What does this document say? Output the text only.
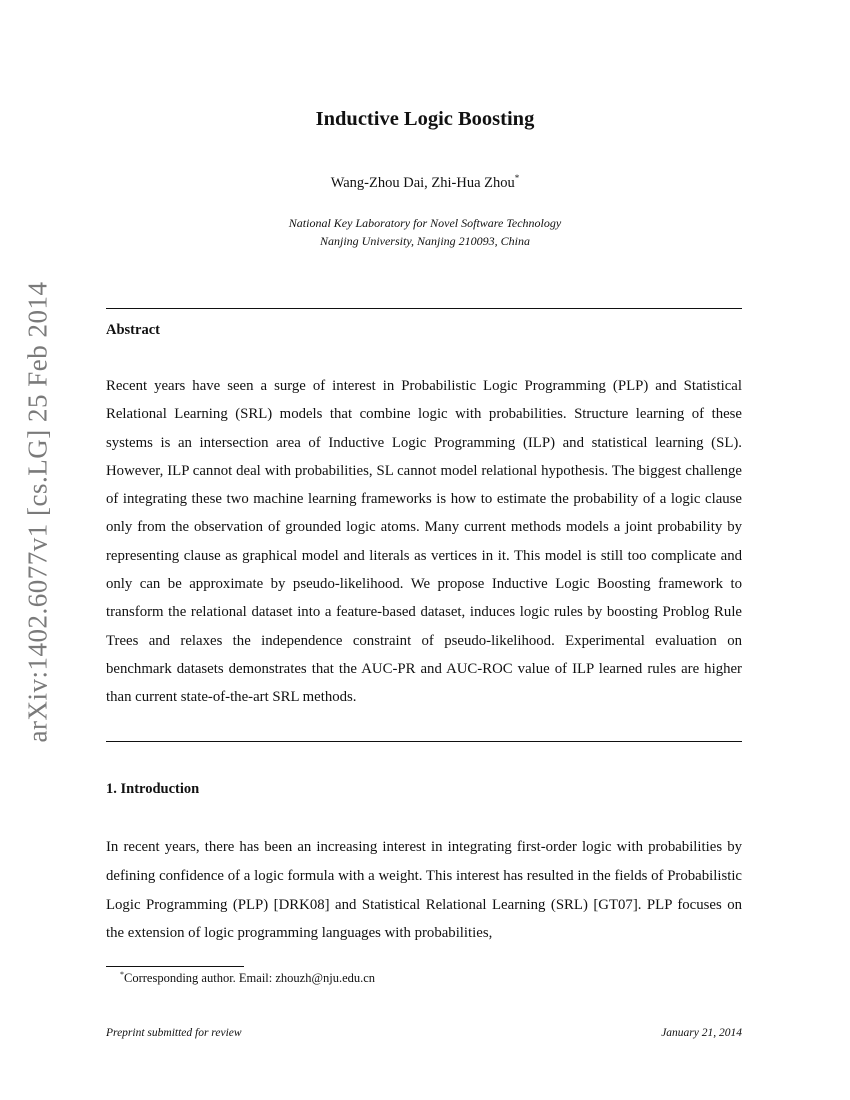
arXiv:1402.6077v1 [cs.LG] 25 Feb 2014
Inductive Logic Boosting
Wang-Zhou Dai, Zhi-Hua Zhou*
National Key Laboratory for Novel Software Technology
Nanjing University, Nanjing 210093, China
Abstract
Recent years have seen a surge of interest in Probabilistic Logic Programming (PLP) and Statistical Relational Learning (SRL) models that combine logic with probabilities. Structure learning of these systems is an intersection area of Inductive Logic Programming (ILP) and statistical learning (SL). However, ILP cannot deal with probabilities, SL cannot model relational hypothesis. The biggest challenge of integrating these two machine learning frameworks is how to estimate the probability of a logic clause only from the observation of grounded logic atoms. Many current methods models a joint probability by representing clause as graphical model and literals as vertices in it. This model is still too complicate and only can be approximate by pseudo-likelihood. We propose Inductive Logic Boosting framework to transform the relational dataset into a feature-based dataset, induces logic rules by boosting Problog Rule Trees and relaxes the independence constraint of pseudo-likelihood. Experimental evaluation on benchmark datasets demonstrates that the AUC-PR and AUC-ROC value of ILP learned rules are higher than current state-of-the-art SRL methods.
1. Introduction
In recent years, there has been an increasing interest in integrating first-order logic with probabilities by defining confidence of a logic formula with a weight. This interest has resulted in the fields of Probabilistic Logic Programming (PLP) [DRK08] and Statistical Relational Learning (SRL) [GT07]. PLP focuses on the extension of logic programming languages with probabilities,
*Corresponding author. Email: zhouzh@nju.edu.cn
Preprint submitted for review	January 21, 2014
